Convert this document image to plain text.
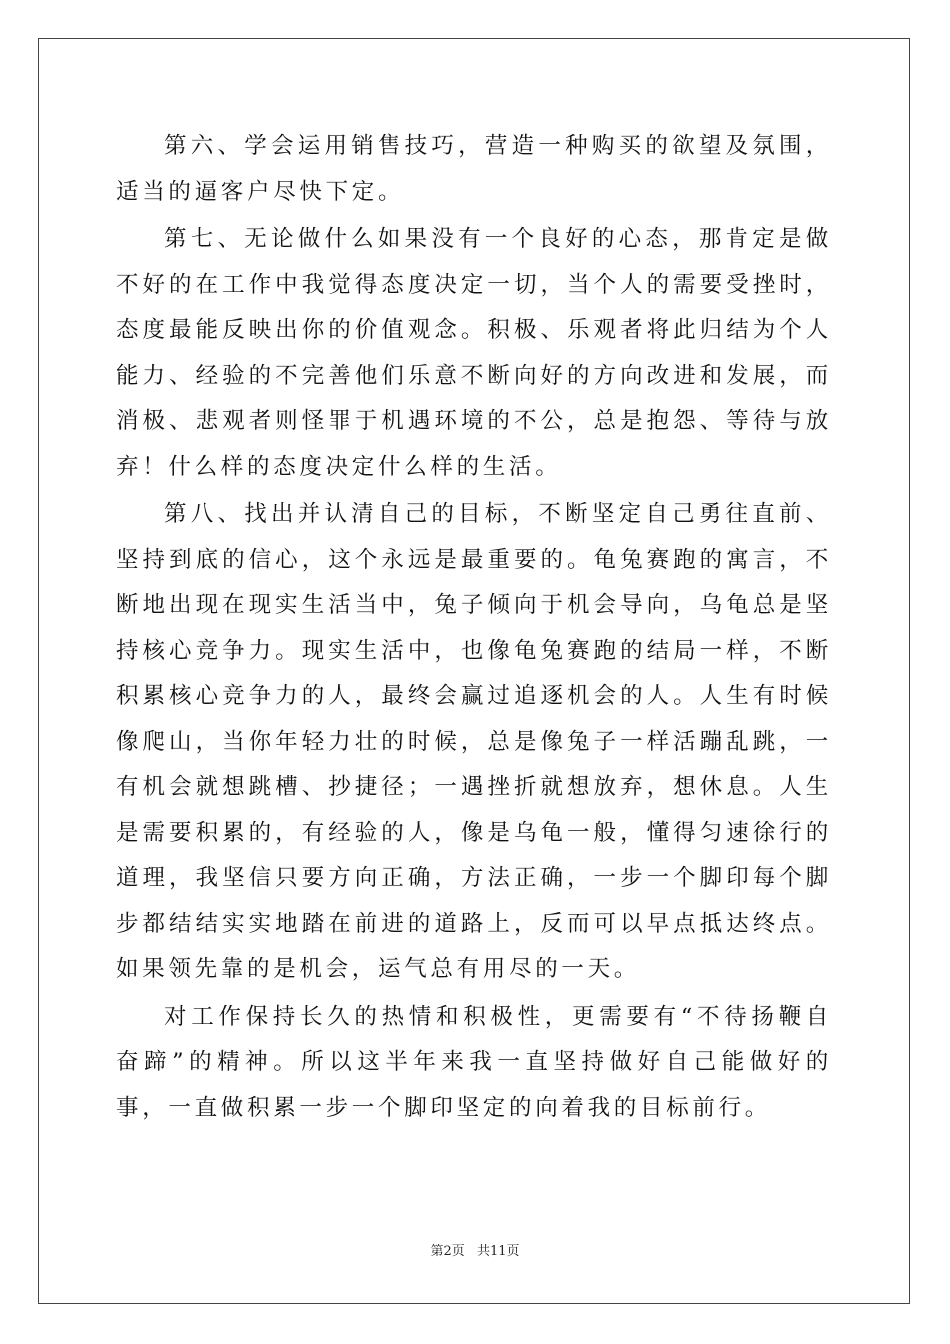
第六、学会运用销售技巧，营造一种购买的欲望及氛围，适当的逼客户尽快下定。

第七、无论做什么如果没有一个良好的心态，那肯定是做不好的在工作中我觉得态度决定一切，当个人的需要受挫时，态度最能反映出你的价值观念。积极、乐观者将此归结为个人能力、经验的不完善他们乐意不断向好的方向改进和发展，而消极、悲观者则怪罪于机遇环境的不公，总是抱怨、等待与放弃！什么样的态度决定什么样的生活。

第八、找出并认清自己的目标，不断坚定自己勇往直前、坚持到底的信心，这个永远是最重要的。龟兔赛跑的寓言，不断地出现在现实生活当中，兔子倾向于机会导向，乌龟总是坚持核心竞争力。现实生活中，也像龟兔赛跑的结局一样，不断积累核心竞争力的人，最终会赢过追逐机会的人。人生有时候像爬山，当你年轻力壮的时候，总是像兔子一样活蹦乱跳，一有机会就想跳槽、抄捷径；一遇挫折就想放弃，想休息。人生是需要积累的，有经验的人，像是乌龟一般，懂得匀速徐行的道理，我坚信只要方向正确，方法正确，一步一个脚印每个脚步都结结实实地踏在前进的道路上，反而可以早点抵达终点。如果领先靠的是机会，运气总有用尽的一天。

对工作保持长久的热情和积极性，更需要有“不待扬鞭自奋蹄”的精神。所以这半年来我一直坚持做好自己能做好的事，一直做积累一步一个脚印坚定的向着我的目标前行。

第2页 共11页
